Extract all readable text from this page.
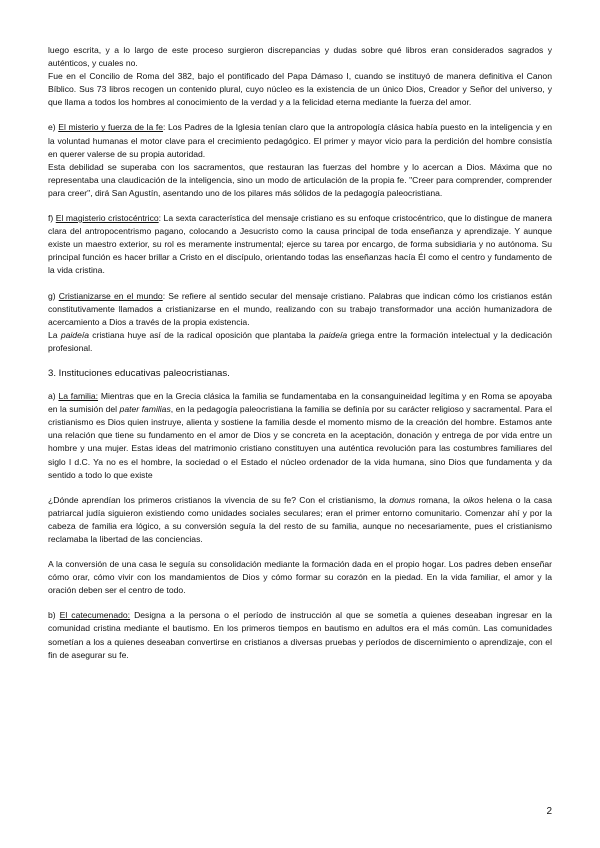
luego escrita, y a lo largo de este proceso surgieron discrepancias y dudas sobre qué libros eran considerados sagrados y auténticos, y cuales no.

Fue en el Concilio de Roma del 382, bajo el pontificado del Papa Dámaso I, cuando se instituyó de manera definitiva el Canon Bíblico. Sus 73 libros recogen un contenido plural, cuyo núcleo es la existencia de un único Dios, Creador y Señor del universo, y que llama a todos los hombres al conocimiento de la verdad y a la felicidad eterna mediante la fuerza del amor.

e) El misterio y fuerza de la fe: Los Padres de la Iglesia tenían claro que la antropología clásica había puesto en la inteligencia y en la voluntad humanas el motor clave para el crecimiento pedagógico. El primer y mayor vicio para la perdición del hombre consistía en querer valerse de su propia autoridad.

Esta debilidad se superaba con los sacramentos, que restauran las fuerzas del hombre y lo acercan a Dios. Máxima que no representaba una claudicación de la inteligencia, sino un modo de articulación de la propia fe. "Creer para comprender, comprender para creer", dirá San Agustín, asentando uno de los pilares más sólidos de la pedagogía paleocristiana.

f) El magisterio cristocéntrico: La sexta característica del mensaje cristiano es su enfoque cristocéntrico, que lo distingue de manera clara del antropocentrismo pagano, colocando a Jesucristo como la causa principal de toda enseñanza y aprendizaje. Y aunque existe un maestro exterior, su rol es meramente instrumental; ejerce su tarea por encargo, de forma subsidiaria y no autónoma. Su principal función es hacer brillar a Cristo en el discípulo, orientando todas las enseñanzas hacía Él como el centro y fundamento de la vida cristina.

g) Cristianizarse en el mundo: Se refiere al sentido secular del mensaje cristiano. Palabras que indican cómo los cristianos están constitutivamente llamados a cristianizarse en el mundo, realizando con su trabajo transformador una acción humanizadora de acercamiento a Dios a través de la propia existencia.

La paideía cristiana huye así de la radical oposición que plantaba la paideía griega entre la formación intelectual y la dedicación profesional.

3. Instituciones educativas paleocristianas.

a) La familia: Mientras que en la Grecia clásica la familia se fundamentaba en la consanguineidad legítima y en Roma se apoyaba en la sumisión del pater familias, en la pedagogía paleocristiana la familia se definía por su carácter religioso y sacramental. Para el cristianismo es Dios quien instruye, alienta y sostiene la familia desde el momento mismo de la creación del hombre. Estamos ante una relación que tiene su fundamento en el amor de Dios y se concreta en la aceptación, donación y entrega de por vida entre un hombre y una mujer. Estas ideas del matrimonio cristiano constituyen una auténtica revolución para las costumbres familiares del siglo I d.C. Ya no es el hombre, la sociedad o el Estado el núcleo ordenador de la vida humana, sino Dios que fundamenta y da sentido a todo lo que existe

¿Dónde aprendían los primeros cristianos la vivencia de su fe? Con el cristianismo, la domus romana, la oikos helena o la casa patriarcal judía siguieron existiendo como unidades sociales seculares; eran el primer entorno comunitario. Comenzar ahí y por la cabeza de familia era lógico, a su conversión seguía la del resto de su familia, aunque no necesariamente, pues el cristianismo reclamaba la libertad de las conciencias.

A la conversión de una casa le seguía su consolidación mediante la formación dada en el propio hogar. Los padres deben enseñar cómo orar, cómo vivir con los mandamientos de Dios y cómo formar su corazón en la piedad. En la vida familiar, el amor y la oración deben ser el centro de todo.

b) El catecumenado: Designa a la persona o el período de instrucción al que se sometía a quienes deseaban ingresar en la comunidad cristina mediante el bautismo. En los primeros tiempos en bautismo en adultos era el más común. Las comunidades sometían a los a quienes deseaban convertirse en cristianos a diversas pruebas y períodos de discernimiento o aprendizaje, con el fin de asegurar su fe.

2
